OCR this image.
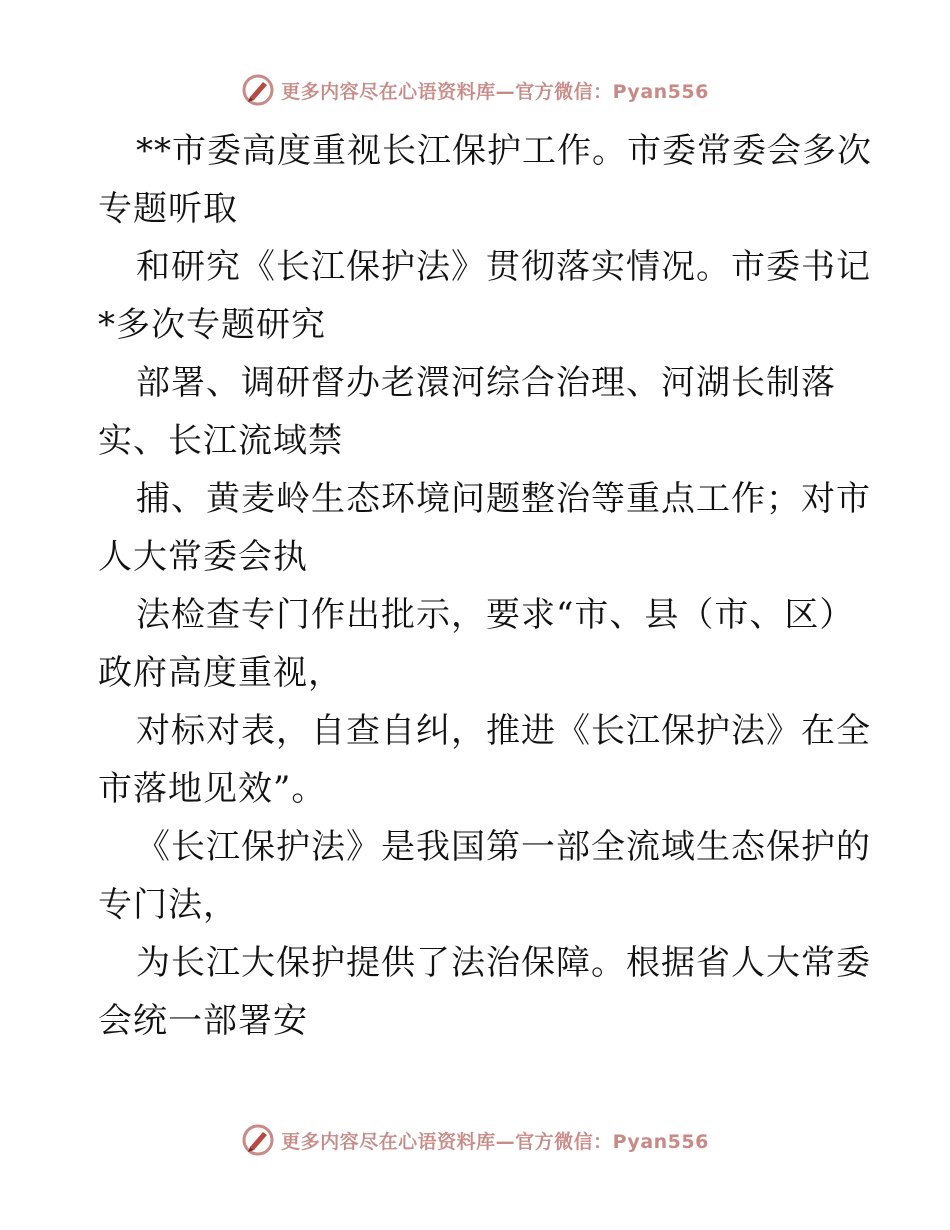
更多内容尽在心语资料库—官方微信：Pyan556

**市委高度重视长江保护工作。市委常委会多次
专题听取
和研究《长江保护法》贯彻落实情况。市委书记
*多次专题研究
部署、调研督办老澴河综合治理、河湖长制落
实、长江流域禁
捕、黄麦岭生态环境问题整治等重点工作；对市
人大常委会执
法检查专门作出批示，要求“市、县（市、区）
政府高度重视，
对标对表，自查自纠，推进《长江保护法》在全
市落地见效”。
《长江保护法》是我国第一部全流域生态保护的
专门法，
为长江大保护提供了法治保障。根据省人大常委
会统一部署安

更多内容尽在心语资料库—官方微信：Pyan556
